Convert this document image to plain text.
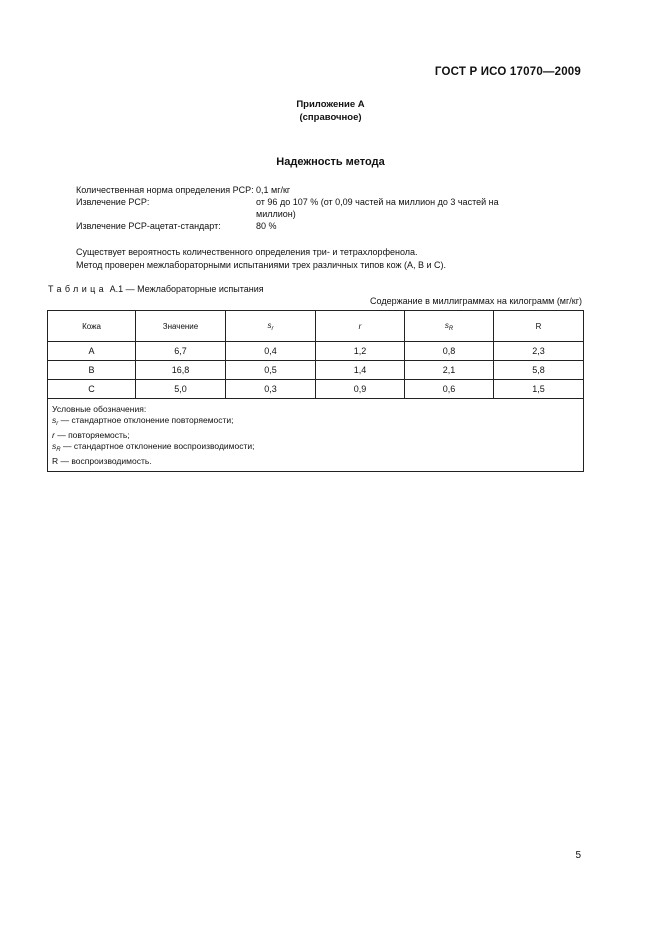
ГОСТ Р ИСО 17070—2009
Приложение А
(справочное)
Надежность метода
Количественная норма определения PCP: 0,1 мг/кг
Извлечение PCP:	от 96 до 107 % (от 0,09 частей на миллион до 3 частей на миллион)
Извлечение PCP-ацетат-стандарт:	80 %
Существует вероятность количественного определения три- и тетрахлорфенола.
Метод проверен межлабораторными испытаниями трех различных типов кож (A, B и C).
Таблица А.1 — Межлабораторные испытания
Содержание в миллиграммах на килограмм (мг/кг)
Кожа	Значение	$s_r$	r	$s_R$	R
A	6,7	0,4	1,2	0,8	2,3
B	16,8	0,5	1,4	2,1	5,8
C	5,0	0,3	0,9	0,6	1,5

Условные обозначения:
$s_r$ — стандартное отклонение повторяемости;
r — повторяемость;
$s_R$ — стандартное отклонение воспроизводимости;
R — воспроизводимость.					
5
